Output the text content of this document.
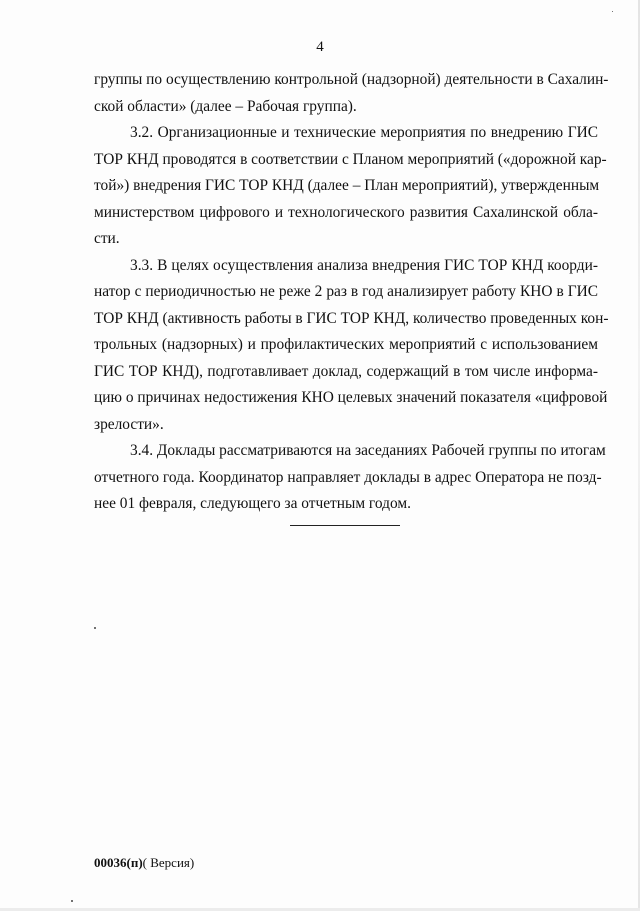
4
группы по осуществлению контрольной (надзорной) деятельности в Сахалин-
ской области» (далее – Рабочая группа).
3.2. Организационные и технические мероприятия по внедрению ГИС
ТОР КНД проводятся в соответствии с Планом мероприятий («дорожной кар-
той») внедрения ГИС ТОР КНД (далее – План мероприятий), утвержденным
министерством цифрового и технологического развития Сахалинской обла-
сти.
3.3. В целях осуществления анализа внедрения ГИС ТОР КНД коорди-
натор с периодичностью не реже 2 раз в год анализирует работу КНО в ГИС
ТОР КНД (активность работы в ГИС ТОР КНД, количество проведенных кон-
трольных (надзорных) и профилактических мероприятий с использованием
ГИС ТОР КНД), подготавливает доклад, содержащий в том числе информа-
цию о причинах недостижения КНО целевых значений показателя «цифровой
зрелости».
3.4. Доклады рассматриваются на заседаниях Рабочей группы по итогам
отчетного года. Координатор направляет доклады в адрес Оператора не позд-
нее 01 февраля, следующего за отчетным годом.
00036(п)( Версия)
